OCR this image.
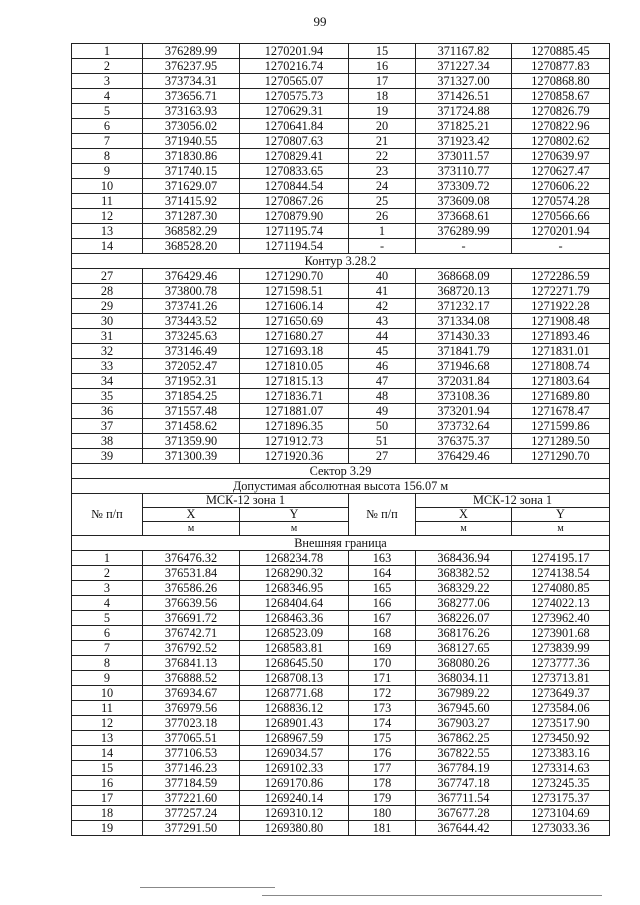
99
1	376289.99	1270201.94	15	371167.82	1270885.45
2	376237.95	1270216.74	16	371227.34	1270877.83
3	373734.31	1270565.07	17	371327.00	1270868.80
4	373656.71	1270575.73	18	371426.51	1270858.67
5	373163.93	1270629.31	19	371724.88	1270826.79
6	373056.02	1270641.84	20	371825.21	1270822.96
7	371940.55	1270807.63	21	371923.42	1270802.62
8	371830.86	1270829.41	22	373011.57	1270639.97
9	371740.15	1270833.65	23	373110.77	1270627.47
10	371629.07	1270844.54	24	373309.72	1270606.22
11	371415.92	1270867.26	25	373609.08	1270574.28
12	371287.30	1270879.90	26	373668.61	1270566.66
13	368582.29	1271195.74	1	376289.99	1270201.94
14	368528.20	1271194.54	-	-	-
Контур 3.28.2					
27	376429.46	1271290.70	40	368668.09	1272286.59
28	373800.78	1271598.51	41	368720.13	1272271.79
29	373741.26	1271606.14	42	371232.17	1271922.28
30	373443.52	1271650.69	43	371334.08	1271908.48
31	373245.63	1271680.27	44	371430.33	1271893.46
32	373146.49	1271693.18	45	371841.79	1271831.01
33	372052.47	1271810.05	46	371946.68	1271808.74
34	371952.31	1271815.13	47	372031.84	1271803.64
35	371854.25	1271836.71	48	373108.36	1271689.80
36	371557.48	1271881.07	49	373201.94	1271678.47
37	371458.62	1271896.35	50	373732.64	1271599.86
38	371359.90	1271912.73	51	376375.37	1271289.50
39	371300.39	1271920.36	27	376429.46	1271290.70
Сектор 3.29					
Допустимая абсолютная высота 156.07 м					
№ п/п	МСК-12 зона 1		№ п/п	МСК-12 зона 1	
	X	Y		X	Y
	м	м		м	м
Внешняя граница					
1	376476.32	1268234.78	163	368436.94	1274195.17
2	376531.84	1268290.32	164	368382.52	1274138.54
3	376586.26	1268346.95	165	368329.22	1274080.85
4	376639.56	1268404.64	166	368277.06	1274022.13
5	376691.72	1268463.36	167	368226.07	1273962.40
6	376742.71	1268523.09	168	368176.26	1273901.68
7	376792.52	1268583.81	169	368127.65	1273839.99
8	376841.13	1268645.50	170	368080.26	1273777.36
9	376888.52	1268708.13	171	368034.11	1273713.81
10	376934.67	1268771.68	172	367989.22	1273649.37
11	376979.56	1268836.12	173	367945.60	1273584.06
12	377023.18	1268901.43	174	367903.27	1273517.90
13	377065.51	1268967.59	175	367862.25	1273450.92
14	377106.53	1269034.57	176	367822.55	1273383.16
15	377146.23	1269102.33	177	367784.19	1273314.63
16	377184.59	1269170.86	178	367747.18	1273245.35
17	377221.60	1269240.14	179	367711.54	1273175.37
18	377257.24	1269310.12	180	367677.28	1273104.69
19	377291.50	1269380.80	181	367644.42	1273033.36
